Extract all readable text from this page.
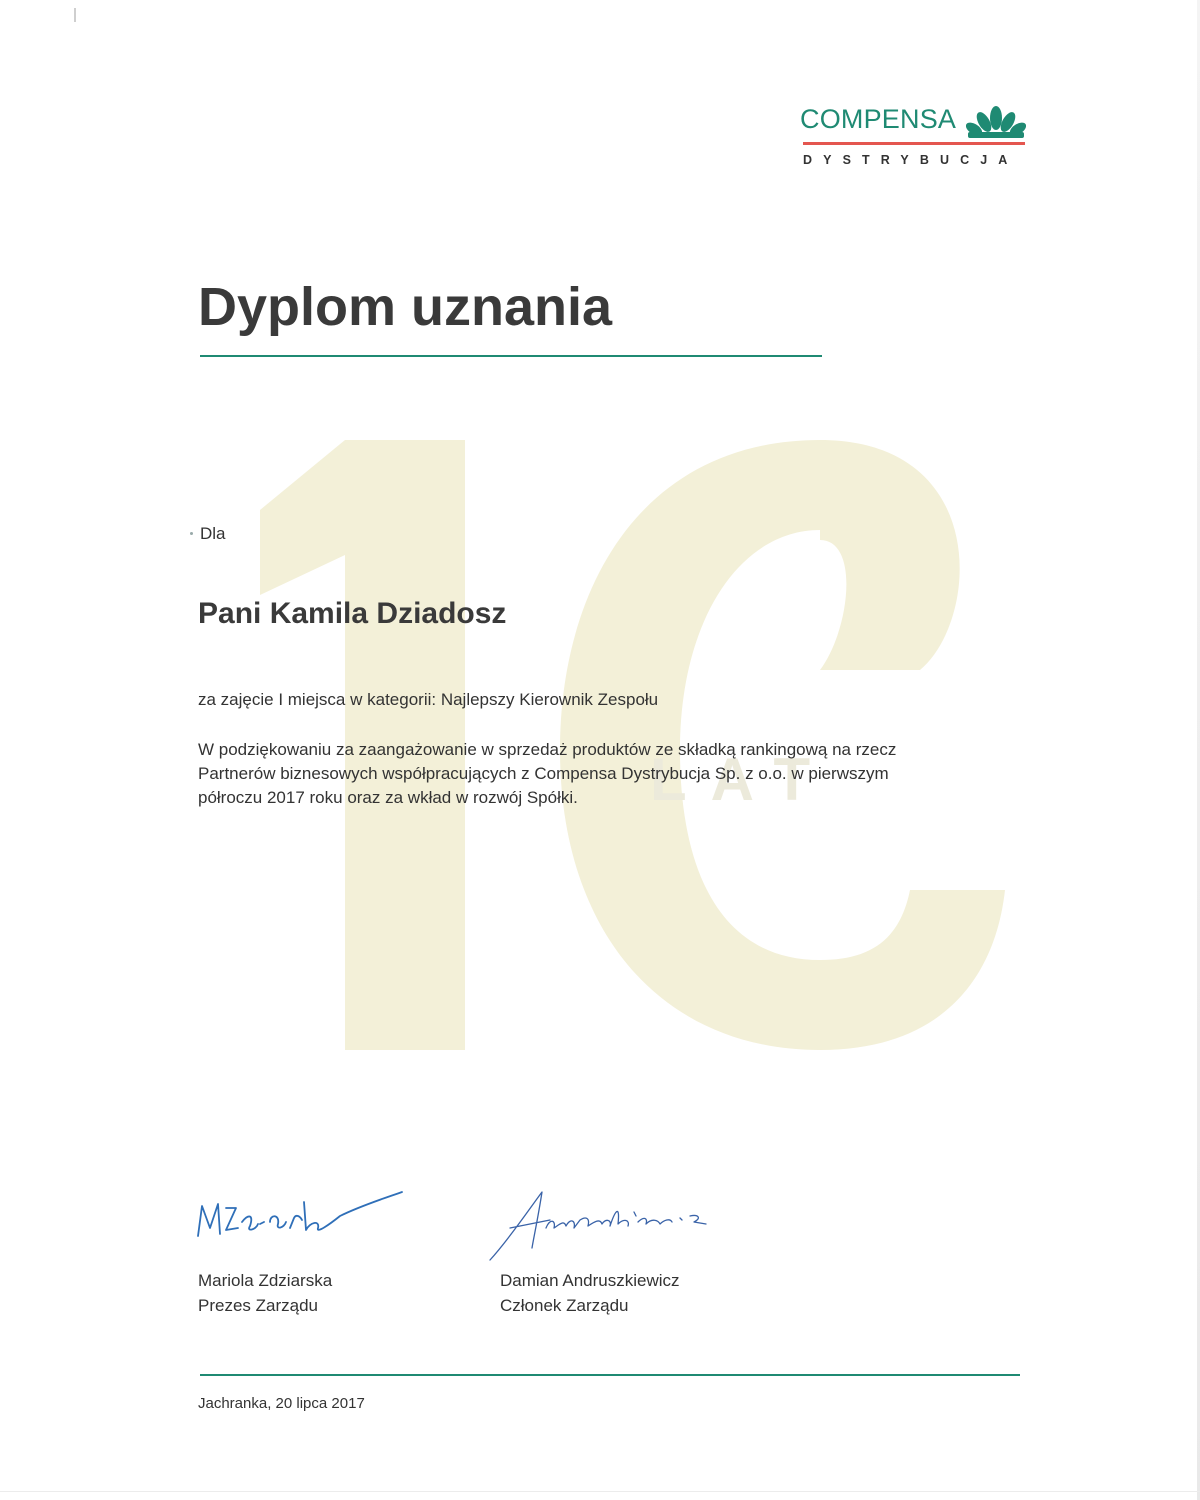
LAT
COMPENSA
DYSTRYBUCJA
Dyplom uznania
Dla
Pani Kamila Dziadosz
za zajęcie I miejsca w kategorii: Najlepszy Kierownik Zespołu

W podziękowaniu za zaangażowanie w sprzedaż produktów ze składką rankingową na rzecz
Partnerów biznesowych współpracujących z Compensa Dystrybucja Sp. z o.o. w pierwszym
półroczu 2017 roku oraz za wkład w rozwój Spółki.

Mariola Zdziarska
Prezes Zarządu
Damian Andruszkiewicz
Członek Zarządu
Jachranka, 20 lipca 2017
